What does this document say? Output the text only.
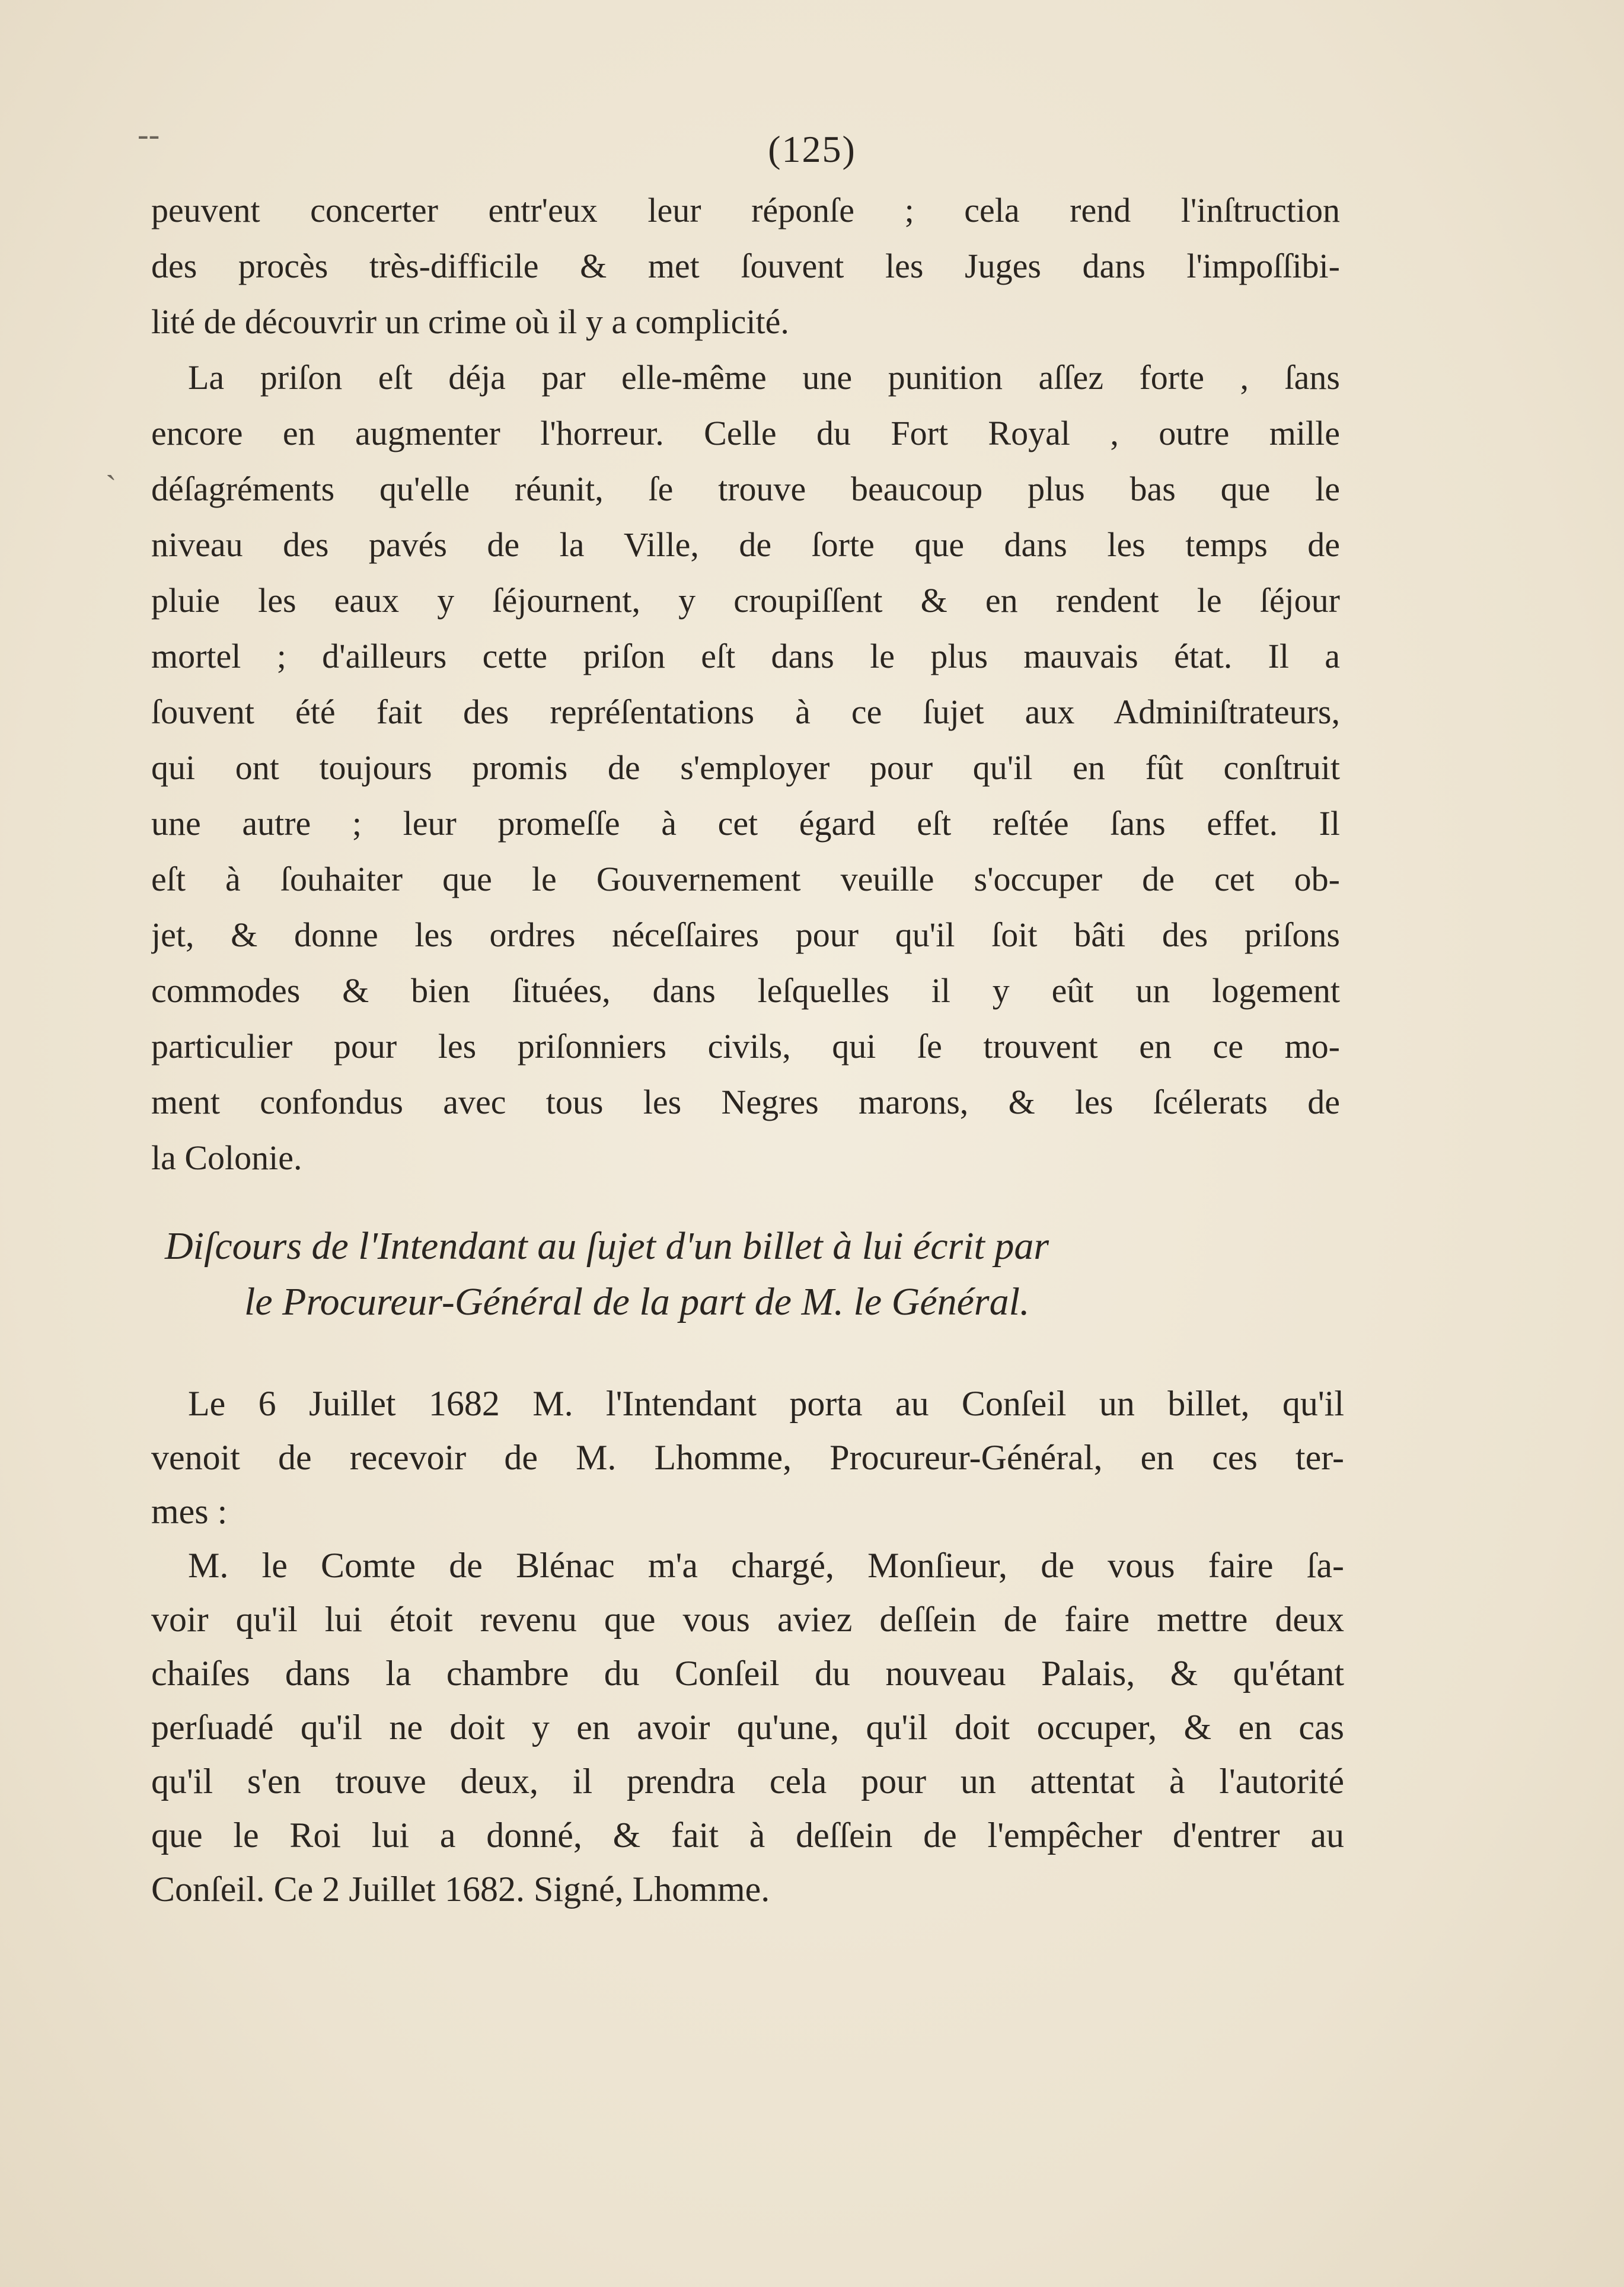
--
`
(125)
peuvent concerter entr'eux leur réponſe ; cela rend l'inſtruction
des procès très-difficile & met ſouvent les Juges dans l'impoſſibi-
lité de découvrir un crime où il y a complicité.
La priſon eſt déja par elle-même une punition aſſez forte , ſans
encore en augmenter l'horreur. Celle du Fort Royal , outre mille
déſagréments qu'elle réunit, ſe trouve beaucoup plus bas que le
niveau des pavés de la Ville, de ſorte que dans les temps de
pluie les eaux y ſéjournent, y croupiſſent & en rendent le ſéjour
mortel ; d'ailleurs cette priſon eſt dans le plus mauvais état. Il a
ſouvent été fait des repréſentations à ce ſujet aux Adminiſtrateurs,
qui ont toujours promis de s'employer pour qu'il en fût conſtruit
une autre ; leur promeſſe à cet égard eſt reſtée ſans effet. Il
eſt à ſouhaiter que le Gouvernement veuille s'occuper de cet ob-
jet, & donne les ordres néceſſaires pour qu'il ſoit bâti des priſons
commodes & bien ſituées, dans leſquelles il y eût un logement
particulier pour les priſonniers civils, qui ſe trouvent en ce mo-
ment confondus avec tous les Negres marons, & les ſcélerats de
la Colonie.
Diſcours de l'Intendant au ſujet d'un billet à lui écrit par
le Procureur-Général de la part de M. le Général.
Le 6 Juillet 1682 M. l'Intendant porta au Conſeil un billet, qu'il
venoit de recevoir de M. Lhomme, Procureur-Général, en ces ter-
mes :
M. le Comte de Blénac m'a chargé, Monſieur, de vous faire ſa-
voir qu'il lui étoit revenu que vous aviez deſſein de faire mettre deux
chaiſes dans la chambre du Conſeil du nouveau Palais, & qu'étant
perſuadé qu'il ne doit y en avoir qu'une, qu'il doit occuper, & en cas
qu'il s'en trouve deux, il prendra cela pour un attentat à l'autorité
que le Roi lui a donné, & fait à deſſein de l'empêcher d'entrer au
Conſeil. Ce 2 Juillet 1682. Signé, Lhomme.
